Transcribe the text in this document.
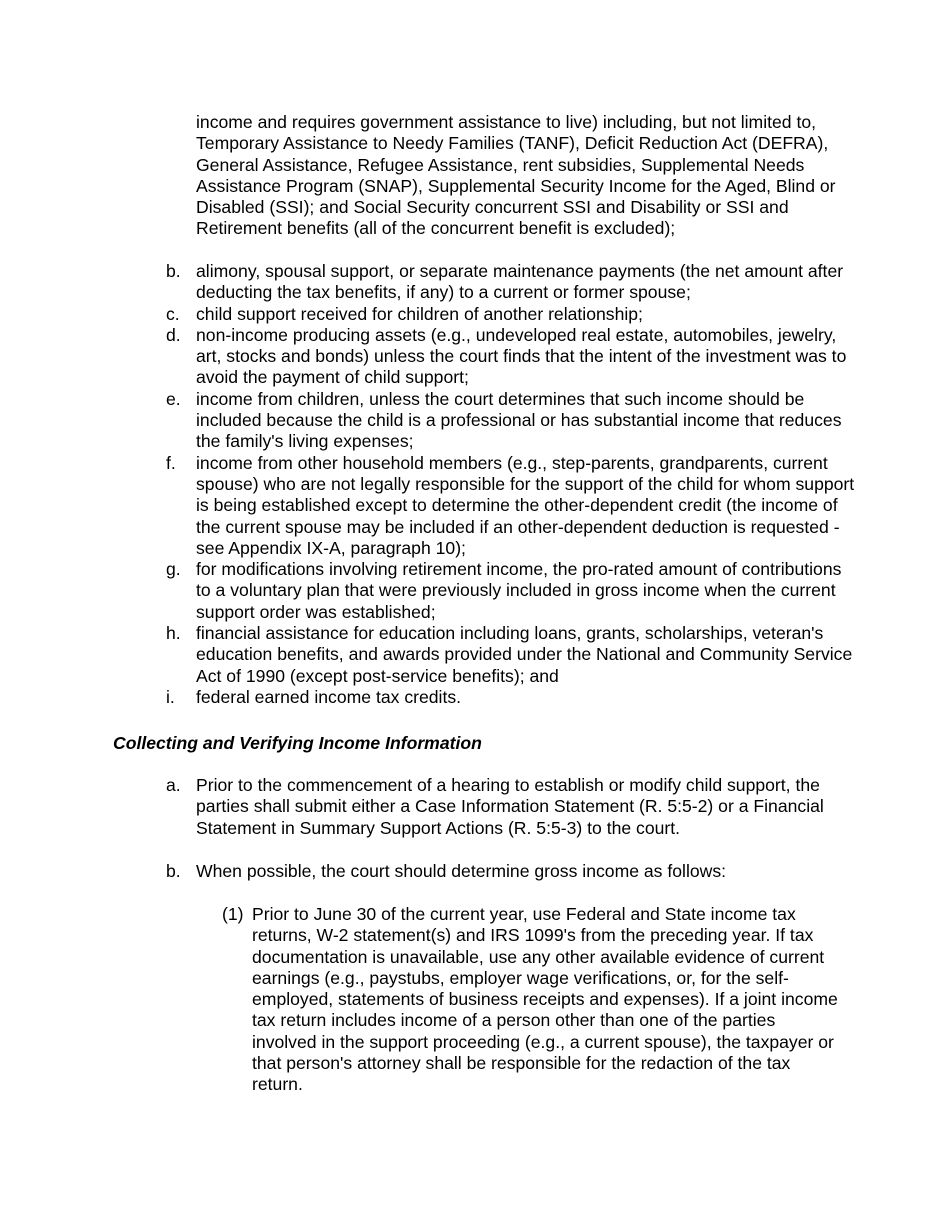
income and requires government assistance to live) including, but not limited to, Temporary Assistance to Needy Families (TANF), Deficit Reduction Act (DEFRA), General Assistance, Refugee Assistance, rent subsidies, Supplemental Needs Assistance Program (SNAP), Supplemental Security Income for the Aged, Blind or Disabled (SSI); and Social Security concurrent SSI and Disability or SSI and Retirement benefits (all of the concurrent benefit is excluded);

b. alimony, spousal support, or separate maintenance payments (the net amount after deducting the tax benefits, if any) to a current or former spouse;
c. child support received for children of another relationship;
d. non-income producing assets (e.g., undeveloped real estate, automobiles, jewelry, art, stocks and bonds) unless the court finds that the intent of the investment was to avoid the payment of child support;
e. income from children, unless the court determines that such income should be included because the child is a professional or has substantial income that reduces the family's living expenses;
f.	income from other household members (e.g., step-parents, grandparents, current spouse) who are not legally responsible for the support of the child for whom support is being established except to determine the other-dependent credit (the income of the current spouse may be included if an other-dependent deduction is requested - see Appendix IX-A, paragraph 10);
g. for modifications involving retirement income, the pro-rated amount of contributions to a voluntary plan that were previously included in gross income when the current support order was established;
h. financial assistance for education including loans, grants, scholarships, veteran's education benefits, and awards provided under the National and Community Service Act of 1990 (except post-service benefits); and
i.	federal earned income tax credits.
Collecting and Verifying Income Information
a. Prior to the commencement of a hearing to establish or modify child support, the parties shall submit either a Case Information Statement (R. 5:5-2) or a Financial Statement in Summary Support Actions (R. 5:5-3) to the court.
b. When possible, the court should determine gross income as follows:
(1) Prior to June 30 of the current year, use Federal and State income tax returns, W-2 statement(s) and IRS 1099's from the preceding year. If tax documentation is unavailable, use any other available evidence of current earnings (e.g., paystubs, employer wage verifications, or, for the self-employed, statements of business receipts and expenses). If a joint income tax return includes income of a person other than one of the parties involved in the support proceeding (e.g., a current spouse), the taxpayer or that person's attorney shall be responsible for the redaction of the tax return.
